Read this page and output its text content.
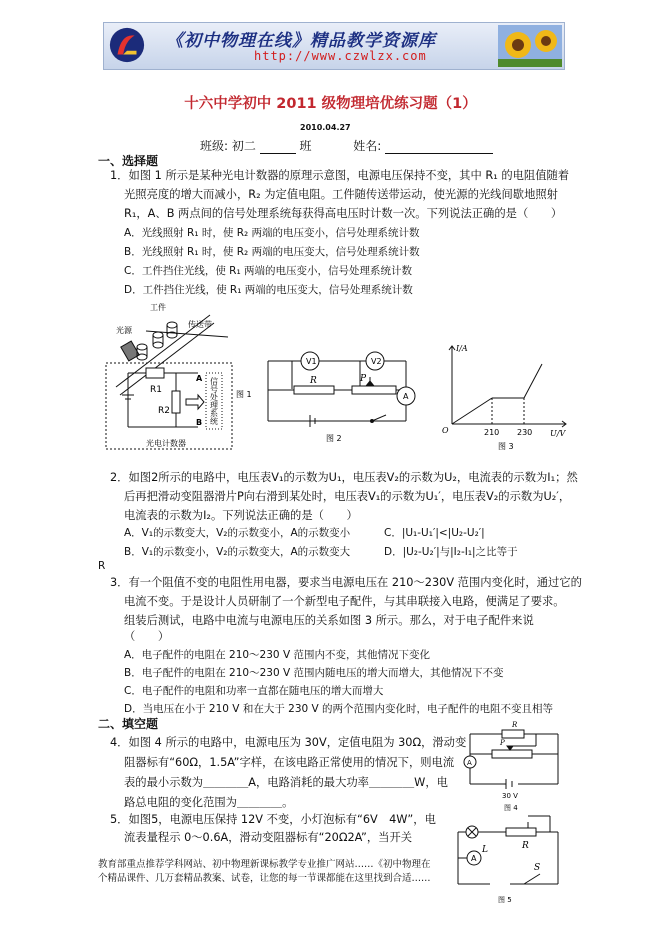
《初中物理在线》精品教学资源库
http://www.czwlzx.com
十六中学初中 2011 级物理培优练习题（1）
2010.04.27
班级: 初二	班	姓名:
一、选择题
1．如图 1 所示是某种光电计数器的原理示意图，电源电压保持不变，其中 R₁ 的电阻值随着
光照亮度的增大而减小，R₂ 为定值电阻。工件随传送带运动，使光源的光线间歇地照射
R₁，A、B 两点间的信号处理系统每获得高电压时计数一次。下列说法正确的是（　　）
A．光线照射 R₁ 时，使 R₂ 两端的电压变小，信号处理系统计数
B．光线照射 R₁ 时，使 R₂ 两端的电压变大，信号处理系统计数
C．工件挡住光线，使 R₁ 两端的电压变小，信号处理系统计数
D．工件挡住光线，使 R₁ 两端的电压变大，信号处理系统计数
工件
光源
传送带
R1
R2
A
B 信号处理系统
光电计数器
图 1
V1	V2
R	P
A
图 2
I/A
U/V
O	210 230
图 3
2．如图2所示的电路中，电压表V₁的示数为U₁，电压表V₂的示数为U₂，电流表的示数为I₁；然
后再把滑动变阻器滑片P向右滑到某处时，电压表V₁的示数为U₁′，电压表V₂的示数为U₂′，
电流表的示数为I₂。下列说法正确的是（　　）
A．V₁的示数变大，V₂的示数变小，A的示数变小	C．|U₁-U₁′|<|U₂-U₂′|
B．V₁的示数变小，V₂的示数变大，A的示数变大	D．|U₂-U₂′|与|I₂-I₁|之比等于
R
3．有一个阻值不变的电阻性用电器，要求当电源电压在 210～230V 范围内变化时，通过它的
电流不变。于是设计人员研制了一个新型电子配件，与其串联接入电路，便满足了要求。
组装后测试，电路中电流与电源电压的关系如图 3 所示。那么，对于电子配件来说
（　　）
A．电子配件的电阻在 210～230 V 范围内不变，其他情况下变化
B．电子配件的电阻在 210～230 V 范围内随电压的增大而增大，其他情况下不变
C．电子配件的电阻和功率一直都在随电压的增大而增大
D．当电压在小于 210 V 和在大于 230 V 的两个范围内变化时，电子配件的电阻不变且相等
二、填空题
4．如图 4 所示的电路中，电源电压为 30V，定值电阻为 30Ω，滑动变
阻器标有“60Ω，1.5A”字样，在该电路正常使用的情况下，则电流
表的最小示数为＿＿＿＿A，电路消耗的最大功率＿＿＿＿W，电
路总电阻的变化范围为＿＿＿＿。
R
P
A
30 V
图 4
5．如图5，电源电压保持 12V 不变，小灯泡标有“6V　4W”，电
流表量程示 0～0.6A，滑动变阻器标有“20Ω2A”，当开关
L	R
A
S
图 5
教育部重点推荐学科网站、初中物理新课标教学专业推广网站……《初中物理在
个精品课件、几万套精品教案、试卷，让您的每一节课都能在这里找到合适……
